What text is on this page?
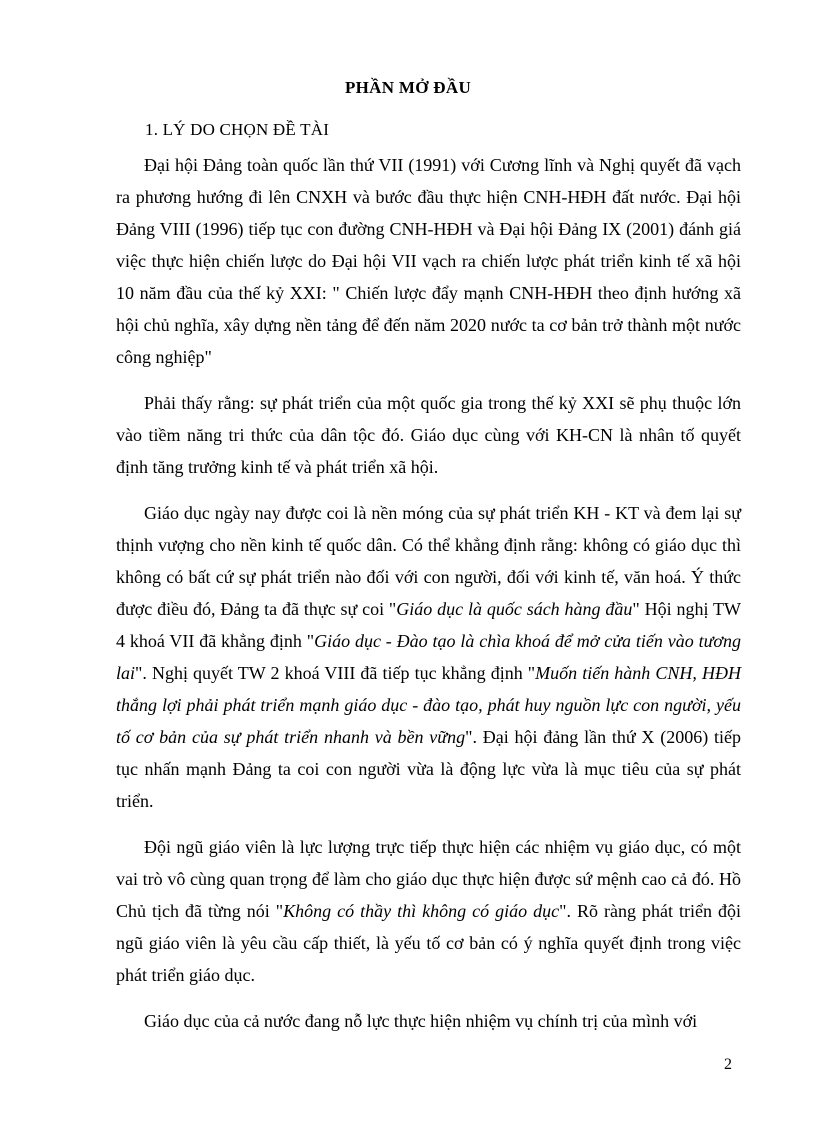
PHẦN MỞ ĐẦU
1. LÝ DO CHỌN ĐỀ TÀI

Đại hội Đảng toàn quốc lần thứ VII (1991) với Cương lĩnh và Nghị quyết đã vạch ra phương hướng đi lên CNXH và bước đầu thực hiện CNH-HĐH đất nước. Đại hội Đảng VIII (1996) tiếp tục con đường CNH-HĐH và Đại hội Đảng IX (2001) đánh giá việc thực hiện chiến lược do Đại hội VII vạch ra chiến lược phát triển kinh tế xã hội 10 năm đầu của thế kỷ XXI: " Chiến lược đẩy mạnh CNH-HĐH theo định hướng xã hội chủ nghĩa, xây dựng nền tảng để đến năm 2020 nước ta cơ bản trở thành một nước công nghiệp"

Phải thấy rằng: sự phát triển của một quốc gia trong thế kỷ XXI sẽ phụ thuộc lớn vào tiềm năng tri thức của dân tộc đó. Giáo dục cùng với KH-CN là nhân tố quyết định tăng trưởng kinh tế và phát triển xã hội.

Giáo dục ngày nay được coi là nền móng của sự phát triển KH - KT và đem lại sự thịnh vượng cho nền kinh tế quốc dân. Có thể khẳng định rằng: không có giáo dục thì không có bất cứ sự phát triển nào đối với con người, đối với kinh tế, văn hoá. Ý thức được điều đó, Đảng ta đã thực sự coi "Giáo dục là quốc sách hàng đầu" Hội nghị TW 4 khoá VII đã khẳng định "Giáo dục - Đào tạo là chìa khoá để mở cửa tiến vào tương lai". Nghị quyết TW 2 khoá VIII đã tiếp tục khẳng định "Muốn tiến hành CNH, HĐH thắng lợi phải phát triển mạnh giáo dục - đào tạo, phát huy nguồn lực con người, yếu tố cơ bản của sự phát triển nhanh và bền vững". Đại hội đảng lần thứ X (2006) tiếp tục nhấn mạnh Đảng ta coi con người vừa là động lực vừa là mục tiêu của sự phát triển.

Đội ngũ giáo viên là lực lượng trực tiếp thực hiện các nhiệm vụ giáo dục, có một vai trò vô cùng quan trọng để làm cho giáo dục thực hiện được sứ mệnh cao cả đó. Hồ Chủ tịch đã từng nói "Không có thầy thì không có giáo dục". Rõ ràng phát triển đội ngũ giáo viên là yêu cầu cấp thiết, là yếu tố cơ bản có ý nghĩa quyết định trong việc phát triển giáo dục.

Giáo dục của cả nước đang nỗ lực thực hiện nhiệm vụ chính trị của mình với

2
